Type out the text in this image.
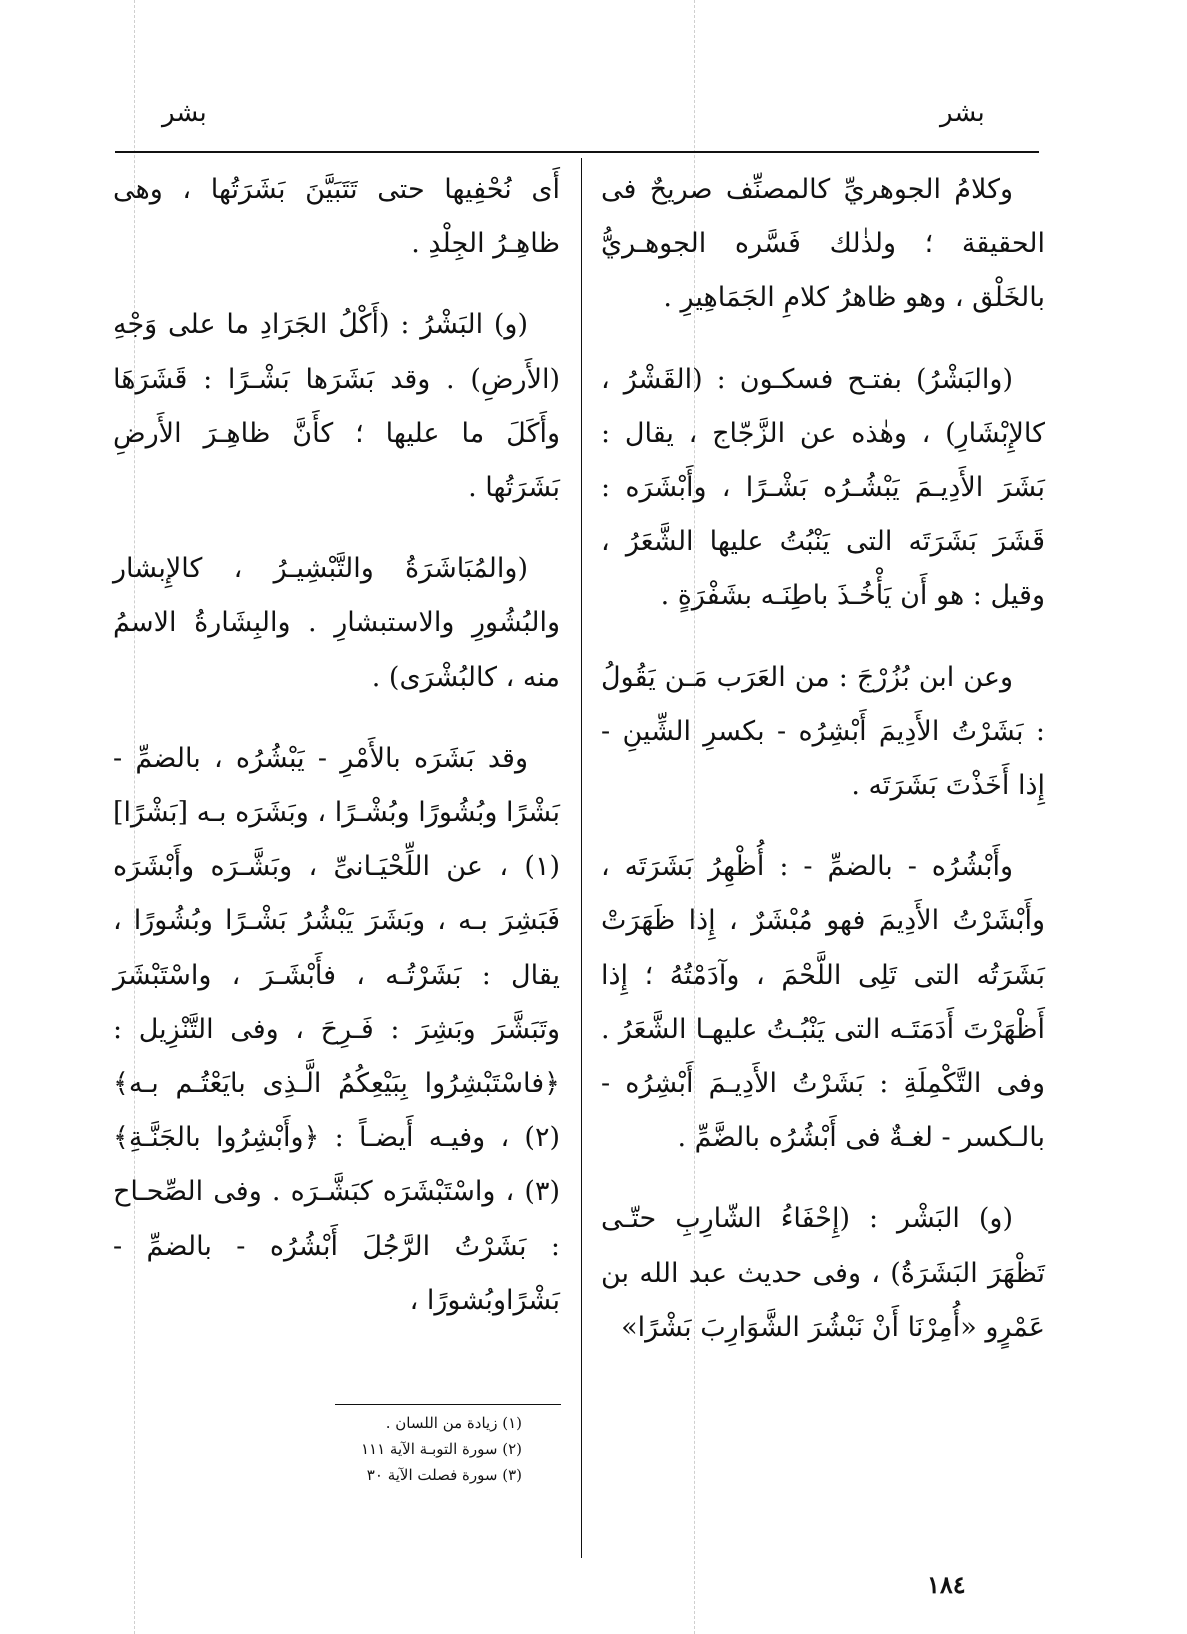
بشر
بشر

وكلامُ الجوهريِّ كالمصنِّف صريحٌ فى الحقيقة ؛ ولذٰلك فَسَّره الجوهـريُّ بالخَلْق ، وهو ظاهرُ كلامِ الجَمَاهِيرِ .

(والبَشْرُ) بفتـح فسكـون : (القَشْرُ ، كالإِبْشَارِ) ، وهٰذه عن الزَّجّاج ، يقال : بَشَرَ الأَدِيـمَ يَبْشُـرُه بَشْـرًا ، وأَبْشَرَه : قَشَرَ بَشَرَتَه التى يَنْبُتُ عليها الشَّعَرُ ، وقيل : هو أَن يَأْخُـذَ باطِنَـه بشَفْرَةٍ .

وعن ابن بُزُرْجَ : من العَرَب مَـن يَقُولُ : بَشَرْتُ الأَدِيمَ أَبْشِرُه - بكسرِ الشِّينِ - إِذا أَخَذْتَ بَشَرَتَه .

وأَبْشُرُه - بالضمِّ - : أُظْهِرُ بَشَرَتَه ، وأَبْشَرْتُ الأَدِيمَ فهو مُبْشَرٌ ، إِذا ظَهَرَتْ بَشَرَتُه التى تَلِى اللَّحْمَ ، وآدَمْتُهُ ؛ إِذا أَظْهَرْتَ أَدَمَتَـه التى يَنْبُـتُ عليهـا الشَّعَرُ . وفى التَّكْمِلَةِ : بَشَرْتُ الأَدِيـمَ أَبْشِرُه - بالـكسر - لغـةٌ فى أَبْشُرُه بالضَّمِّ .

(و) البَشْر : (إِحْفَاءُ الشّارِبِ حتّـى تَظْهَرَ البَشَرَةُ) ، وفى حديث عبد الله بن عَمْرٍو «أُمِرْنَا أَنْ نَبْشُرَ الشَّوَارِبَ بَشْرًا»

أَى نُحْفِيها حتى تَتَبَيَّنَ بَشَرَتُها ، وهى ظاهِـرُ الجِلْدِ .

(و) البَشْرُ : (أَكْلُ الجَرَادِ ما على وَجْهِ (الأَرضِ) . وقد بَشَرَها بَشْـرًا : قَشَرَهَا وأَكَلَ ما عليها ؛ كأَنَّ ظاهِـرَ الأَرضِ بَشَرَتُها .

(والمُبَاشَرَةُ والتَّبْشِيـرُ ، كالإِبشار والبُشُورِ والاستبشارِ . والبِشَارةُ الاسمُ منه ، كالبُشْرَى) .

وقد بَشَرَه بالأَمْرِ - يَبْشُرُه ، بالضمِّ - بَشْرًا وبُشُورًا وبُشْـرًا ، وبَشَرَه بـه [بَشْرًا] (١) ، عن اللِّحْيَـانىِّ ، وبَشَّـرَه وأَبْشَرَه فَبَشِرَ بـه ، وبَشَرَ يَبْشُرُ بَشْـرًا وبُشُورًا ، يقال : بَشَرْتُـه ، فأَبْشَـرَ ، واسْتَبْشَرَ وتَبَشَّرَ وبَشِرَ : فَـرِحَ ، وفى التَّنْزِيل : ﴿فاسْتَبْشِرُوا بِبَيْعِكُمُ الَّـذِى بايَعْتُـم بـه﴾ (٢) ، وفيـه أَيضـاً : ﴿وأَبْشِرُوا بالجَنَّـةِ﴾ (٣) ، واسْتَبْشَرَه كبَشَّـرَه . وفى الصِّحـاح : بَشَرْتُ الرَّجُلَ أَبْشُرُه - بالضمِّ - بَشْرًاوبُشورًا ،

(١) زيادة من اللسان .
(٢) سورة التوبـة الآية ١١١
(٣) سورة فصلت الآية ٣٠
١٨٤
